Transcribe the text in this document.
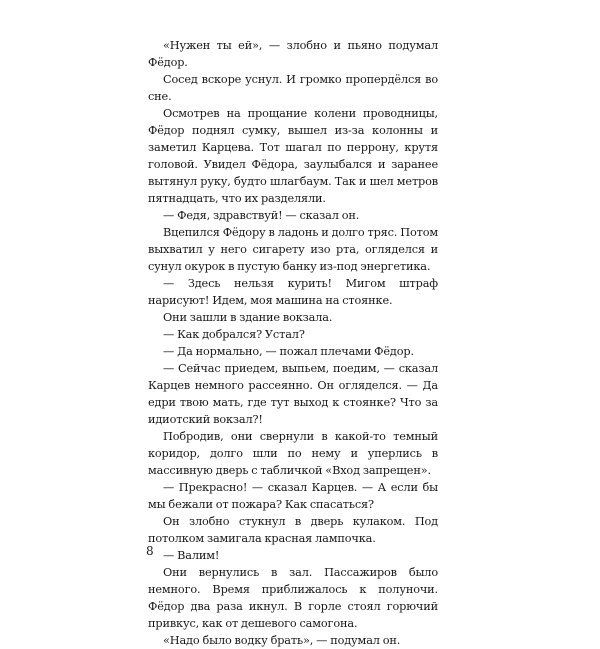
«Нужен ты ей», — злобно и пьяно подумал Фёдор.

Сосед вскоре уснул. И громко пропердёлся во сне.

Осмотрев на прощание колени проводницы, Фёдор поднял сумку, вышел из-за колонны и заметил Карцева. Тот шагал по перрону, крутя головой. Увидел Фёдора, заулыбался и заранее вытянул руку, будто шлагбаум. Так и шел метров пятнадцать, что их разделяли.

— Федя, здравствуй! — сказал он.

Вцепился Фёдору в ладонь и долго тряс. Потом выхватил у него сигарету изо рта, огляделся и сунул окурок в пустую банку из-под энергетика.

— Здесь нельзя курить! Мигом штраф нарисуют! Идем, моя машина на стоянке.

Они зашли в здание вокзала.

— Как добрался? Устал?

— Да нормально, — пожал плечами Фёдор.

— Сейчас приедем, выпьем, поедим, — сказал Карцев немного рассеянно. Он огляделся. — Да едри твою мать, где тут выход к стоянке? Что за идиотский вокзал?!

Побродив, они свернули в какой-то темный коридор, долго шли по нему и уперлись в массивную дверь с табличкой «Вход запрещен».

— Прекрасно! — сказал Карцев. — А если бы мы бежали от пожара? Как спасаться?

Он злобно стукнул в дверь кулаком. Под потолком замигала красная лампочка.

— Валим!

Они вернулись в зал. Пассажиров было немного. Время приближалось к полуночи. Фёдор два раза икнул. В горле стоял горючий привкус, как от дешевого самогона.

«Надо было водку брать», — подумал он.

8
